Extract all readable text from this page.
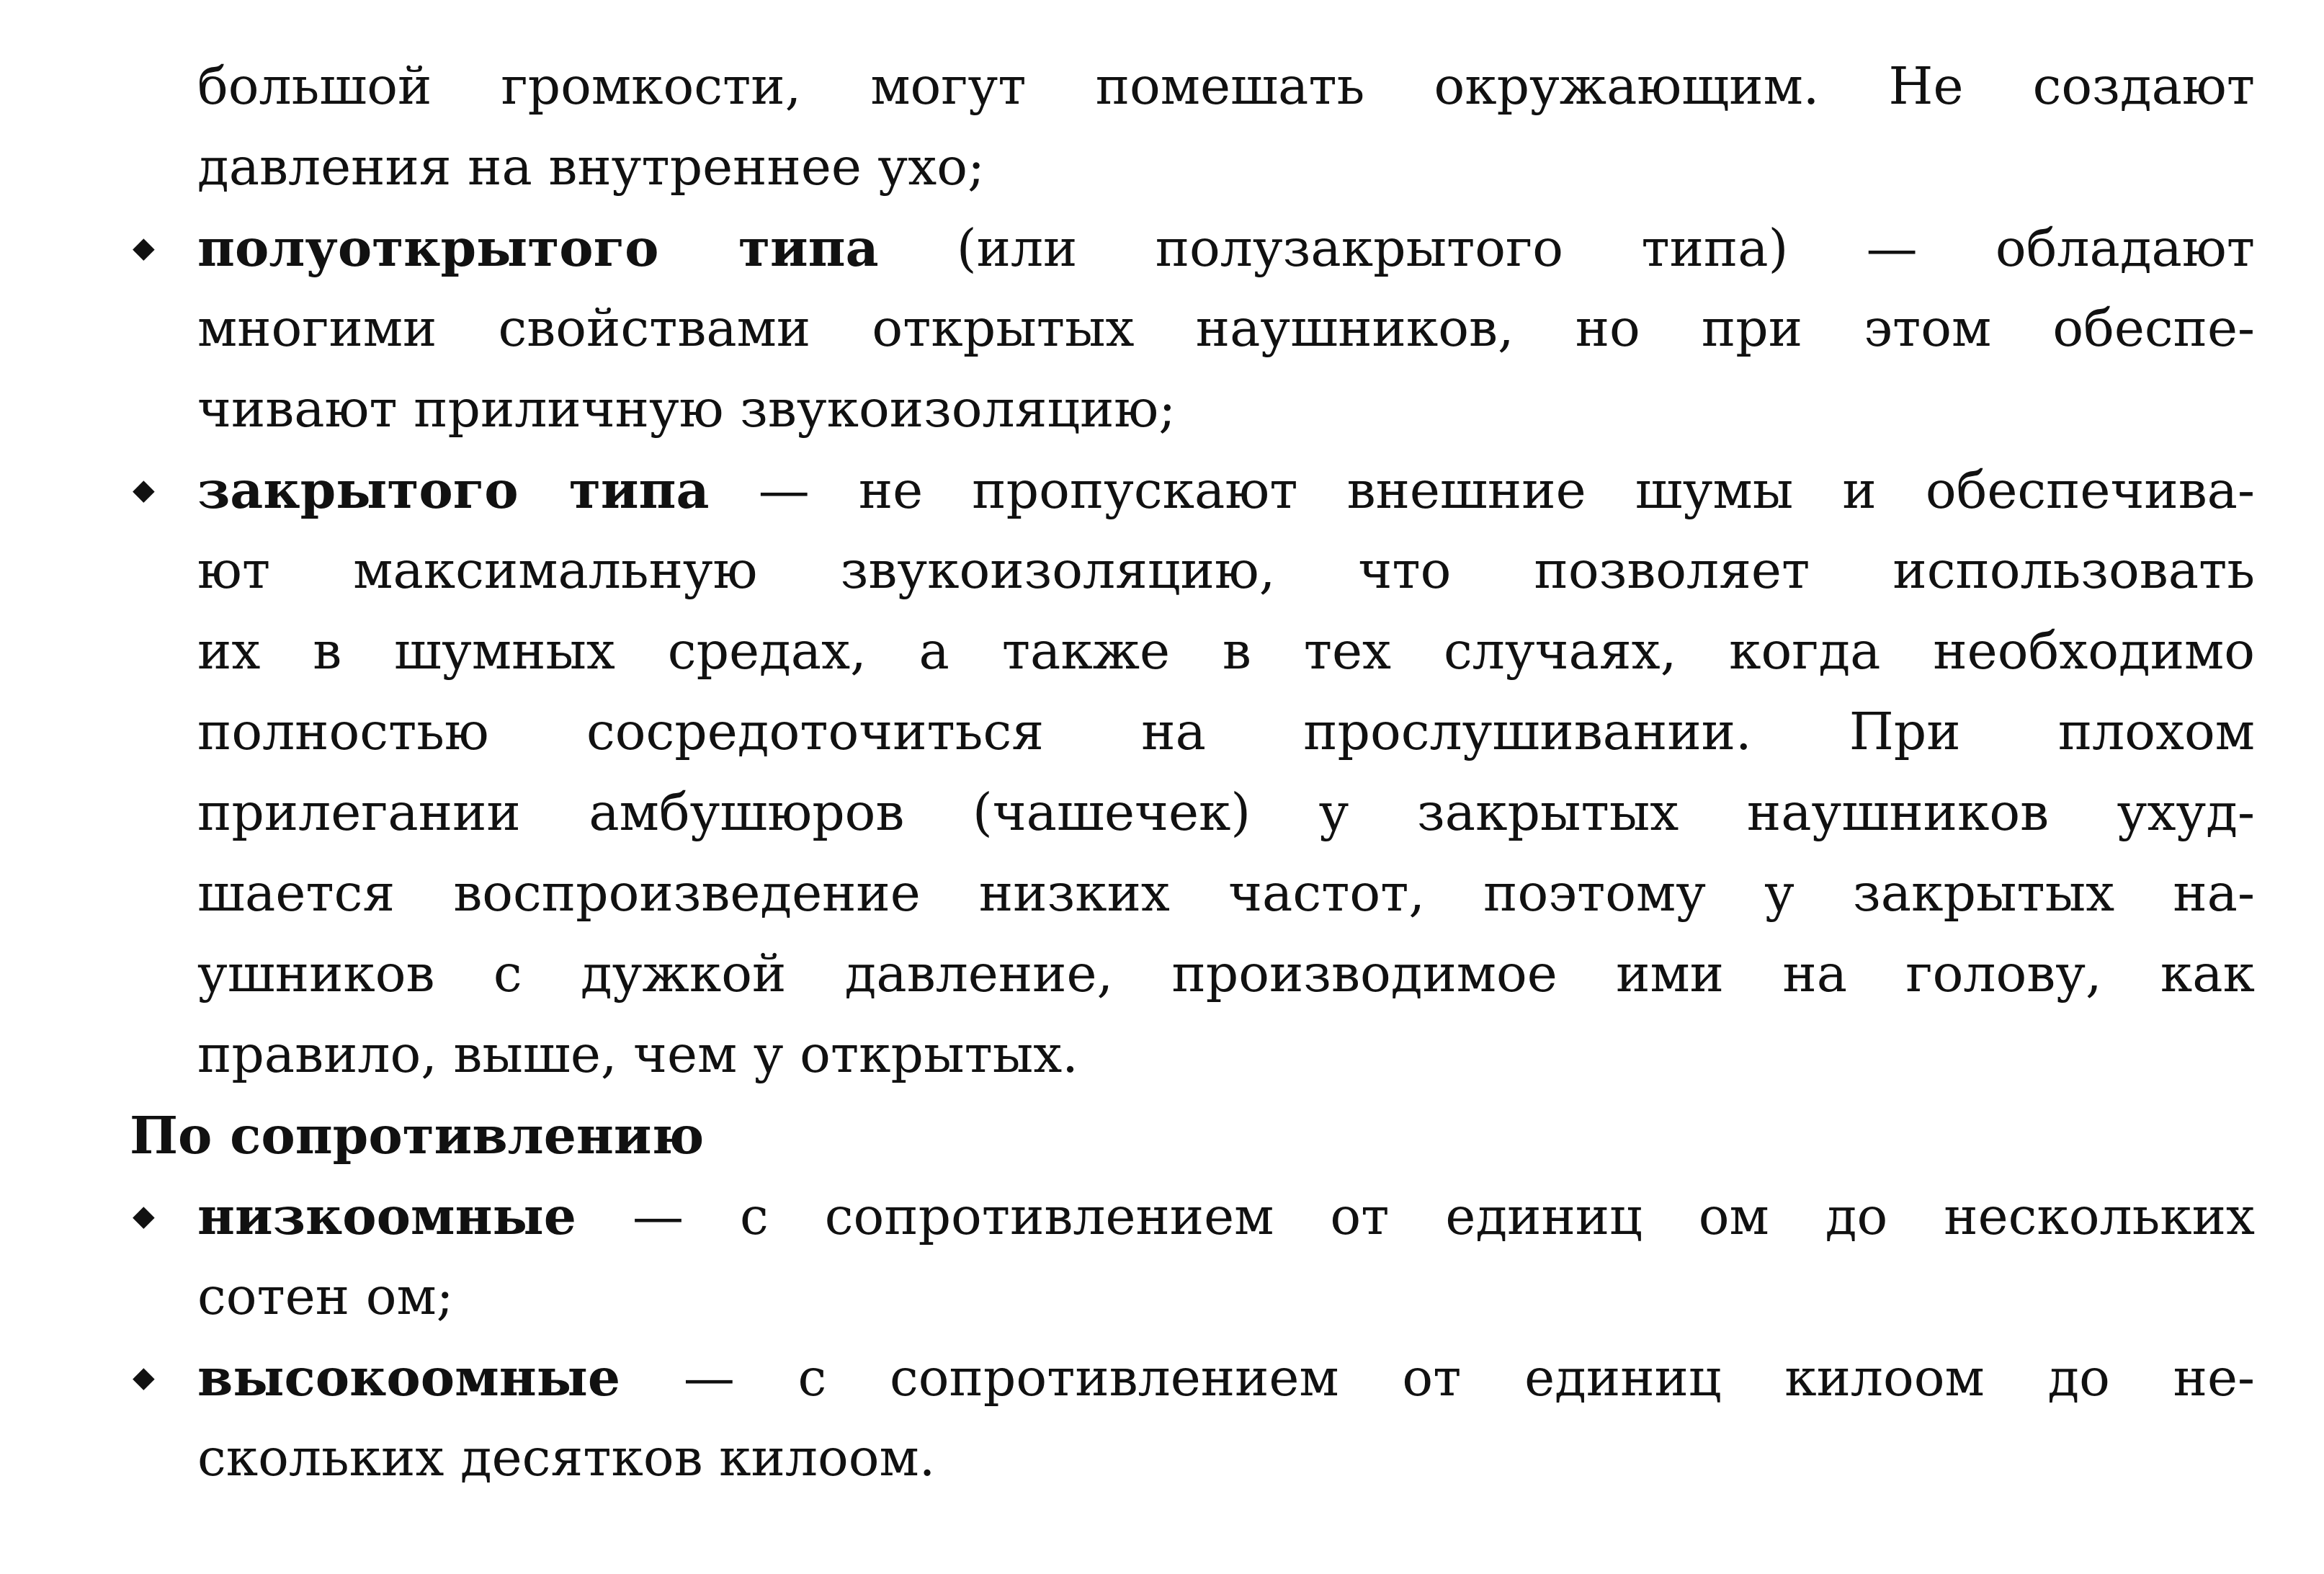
большой громкости, могут помешать окружающим. Не создают
давления на внутреннее ухо;
◆ полуоткрытого типа (или полузакрытого типа) — обладают
многими свойствами открытых наушников, но при этом обеспе-
чивают приличную звукоизоляцию;
◆ закрытого типа — не пропускают внешние шумы и обеспечива-
ют максимальную звукоизоляцию, что позволяет использовать
их в шумных средах, а также в тех случаях, когда необходимо
полностью сосредоточиться на прослушивании. При плохом
прилегании амбушюров (чашечек) у закрытых наушников ухуд-
шается воспроизведение низких частот, поэтому у закрытых на-
ушников с дужкой давление, производимое ими на голову, как
правило, выше, чем у открытых.
По сопротивлению
◆ низкоомные — с сопротивлением от единиц ом до нескольких
сотен ом;
◆ высокоомные — с сопротивлением от единиц килоом до не-
скольких десятков килоом.
